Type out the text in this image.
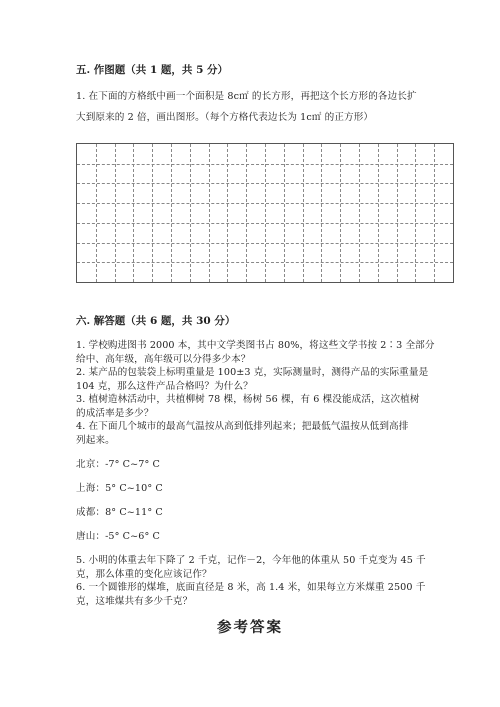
五. 作图题（共 1 题，共 5 分）
1. 在下面的方格纸中画一个面积是 8c㎡ 的长方形，再把这个长方形的各边长扩
大到原来的 2 倍，画出图形。（每个方格代表边长为 1c㎡ 的正方形）
六. 解答题（共 6 题，共 30 分）
1. 学校购进图书 2000 本，其中文学类图书占 80%，将这些文学书按 2∶3 全部分
给中、高年级，高年级可以分得多少本？
2. 某产品的包装袋上标明重量是 100±3 克，实际测量时，测得产品的实际重量是
104 克，那么这件产品合格吗？为什么？
3. 植树造林活动中，共植柳树 78 棵，杨树 56 棵，有 6 棵没能成活，这次植树
的成活率是多少？
4. 在下面几个城市的最高气温按从高到低排列起来；把最低气温按从低到高排
列起来。
北京：-7° C~7° C
上海：5° C~10° C
成都：8° C~11° C
唐山：-5° C~6° C
5. 小明的体重去年下降了 2 千克，记作－2，今年他的体重从 50 千克变为 45 千
克，那么体重的变化应该记作？
6. 一个圆锥形的煤堆，底面直径是 8 米，高 1.4 米，如果每立方米煤重 2500 千
克，这堆煤共有多少千克？
参考答案
